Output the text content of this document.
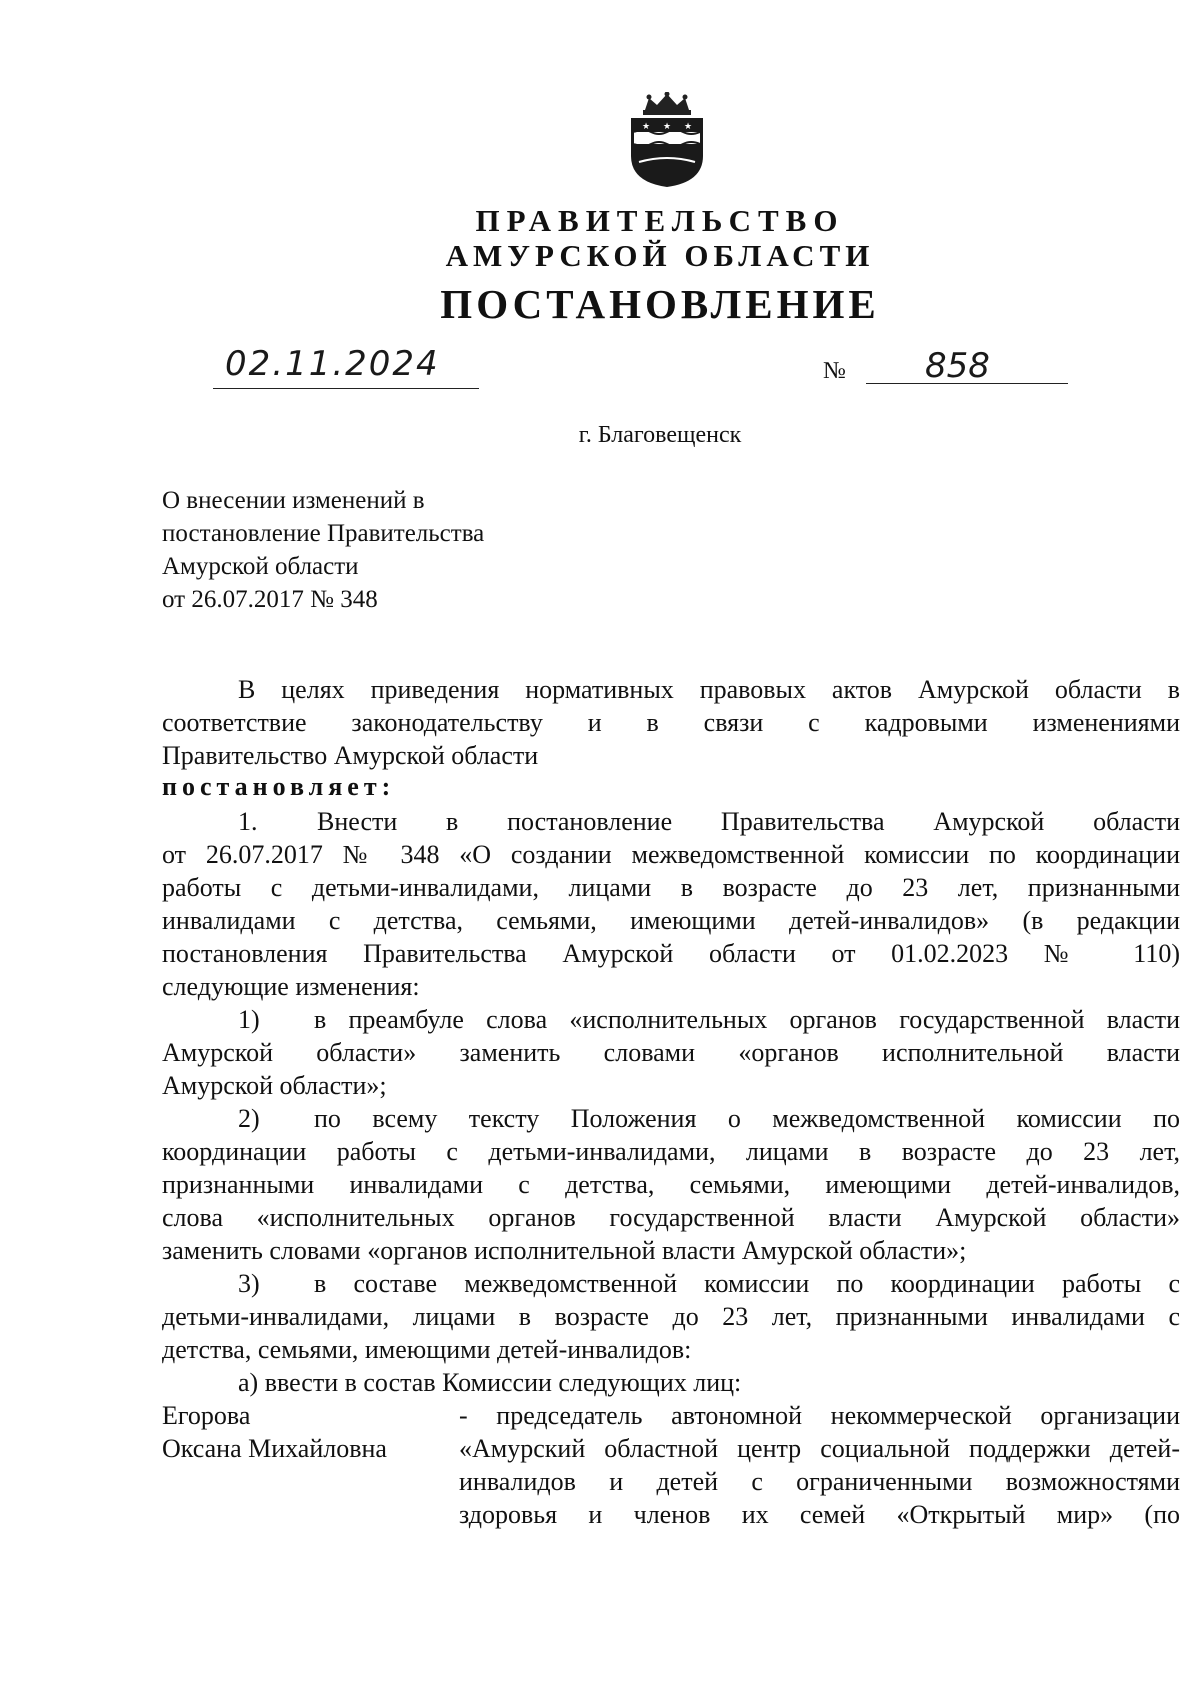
★ ★ ★
ПРАВИТЕЛЬСТВО
АМУРСКОЙ ОБЛАСТИ
ПОСТАНОВЛЕНИЕ
02.11.2024	№ 858
г. Благовещенск
О внесении изменений в
постановление Правительства
Амурской области
от 26.07.2017 № 348
В целях приведения нормативных правовых актов Амурской области в
соответствие законодательству и в связи с кадровыми изменениями
Правительство Амурской области
постановляет:
1. Внести в постановление Правительства Амурской области
от 26.07.2017 № 348 «О создании межведомственной комиссии по координации
работы с детьми-инвалидами, лицами в возрасте до 23 лет, признанными
инвалидами с детства, семьями, имеющими детей-инвалидов» (в редакции
постановления Правительства Амурской области от 01.02.2023 № 110)
следующие изменения:
1) в преамбуле слова «исполнительных органов государственной власти
Амурской области» заменить словами «органов исполнительной власти
Амурской области»;
2) по всему тексту Положения о межведомственной комиссии по
координации работы с детьми-инвалидами, лицами в возрасте до 23 лет,
признанными инвалидами с детства, семьями, имеющими детей-инвалидов,
слова «исполнительных органов государственной власти Амурской области»
заменить словами «органов исполнительной власти Амурской области»;
3) в составе межведомственной комиссии по координации работы с
детьми-инвалидами, лицами в возрасте до 23 лет, признанными инвалидами с
детства, семьями, имеющими детей-инвалидов:
а) ввести в состав Комиссии следующих лиц:
Егорова
Оксана Михайловна
- председатель автономной некоммерческой организации
«Амурский областной центр социальной поддержки детей-
инвалидов и детей с ограниченными возможностями
здоровья и членов их семей «Открытый мир» (по
